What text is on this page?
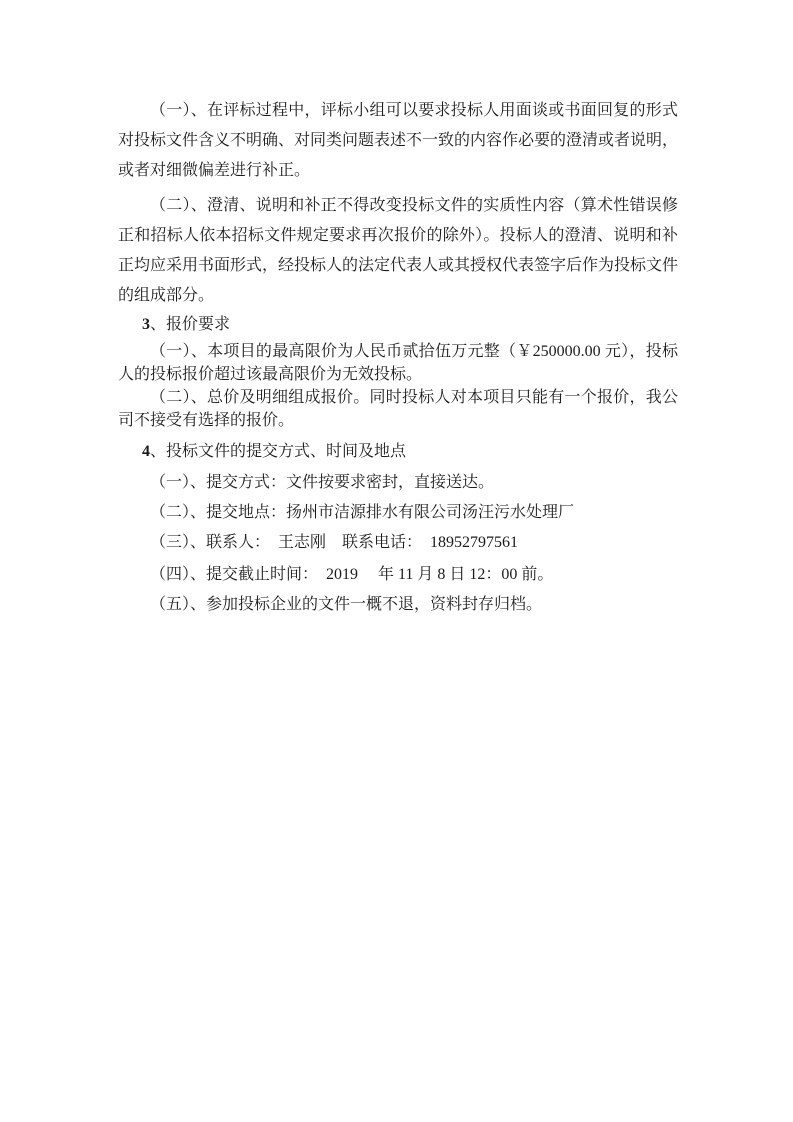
（一）、在评标过程中，评标小组可以要求投标人用面谈或书面回复的形式对投标文件含义不明确、对同类问题表述不一致的内容作必要的澄清或者说明，或者对细微偏差进行补正。

（二）、澄清、说明和补正不得改变投标文件的实质性内容（算术性错误修正和招标人依本招标文件规定要求再次报价的除外）。投标人的澄清、说明和补正均应采用书面形式，经投标人的法定代表人或其授权代表签字后作为投标文件的组成部分。

3、报价要求

（一）、本项目的最高限价为人民币贰拾伍万元整（￥250000.00 元），投标人的投标报价超过该最高限价为无效投标。

（二）、总价及明细组成报价。同时投标人对本项目只能有一个报价，我公司不接受有选择的报价。

4、投标文件的提交方式、时间及地点

（一）、提交方式：文件按要求密封，直接送达。

（二）、提交地点：扬州市洁源排水有限公司汤汪污水处理厂

（三）、联系人：　王志刚　联系电话：　18952797561

（四）、提交截止时间：　2019　 年 11 月 8 日 12：00 前。

（五）、参加投标企业的文件一概不退，资料封存归档。
